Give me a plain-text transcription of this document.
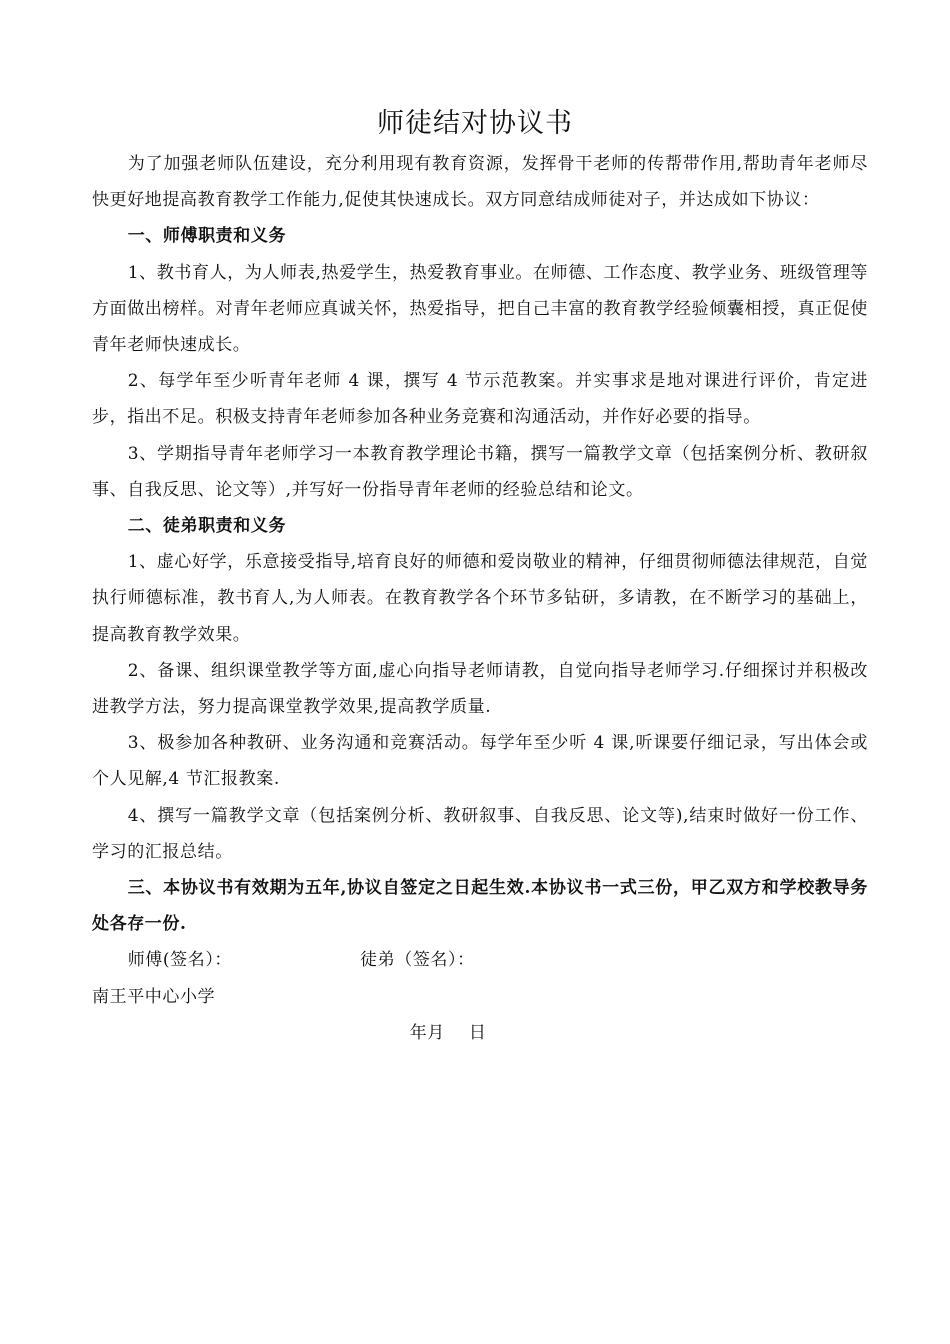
师徒结对协议书

为了加强老师队伍建设，充分利用现有教育资源，发挥骨干老师的传帮带作用,帮助青年老师尽快更好地提高教育教学工作能力,促使其快速成长。双方同意结成师徒对子，并达成如下协议：

一、师傅职责和义务

1、教书育人，为人师表,热爱学生，热爱教育事业。在师德、工作态度、教学业务、班级管理等方面做出榜样。对青年老师应真诚关怀，热爱指导，把自己丰富的教育教学经验倾囊相授，真正促使青年老师快速成长。

2、每学年至少听青年老师 4 课，撰写 4 节示范教案。并实事求是地对课进行评价，肯定进步，指出不足。积极支持青年老师参加各种业务竞赛和沟通活动，并作好必要的指导。

3、学期指导青年老师学习一本教育教学理论书籍，撰写一篇教学文章（包括案例分析、教研叙事、自我反思、论文等）,并写好一份指导青年老师的经验总结和论文。

二、徒弟职责和义务

1、虚心好学，乐意接受指导,培育良好的师德和爱岗敬业的精神，仔细贯彻师德法律规范，自觉执行师德标准，教书育人,为人师表。在教育教学各个环节多钻研，多请教，在不断学习的基础上，提高教育教学效果。

2、备课、组织课堂教学等方面,虚心向指导老师请教，自觉向指导老师学习.仔细探讨并积极改进教学方法，努力提高课堂教学效果,提高教学质量.

3、极参加各种教研、业务沟通和竞赛活动。每学年至少听 4 课,听课要仔细记录，写出体会或个人见解,4 节汇报教案.

4、撰写一篇教学文章（包括案例分析、教研叙事、自我反思、论文等),结束时做好一份工作、学习的汇报总结。

三、本协议书有效期为五年,协议自签定之日起生效.本协议书一式三份，甲乙双方和学校教导务处各存一份.

师傅(签名）：	徒弟（签名）：

南王平中心小学

年月    日
